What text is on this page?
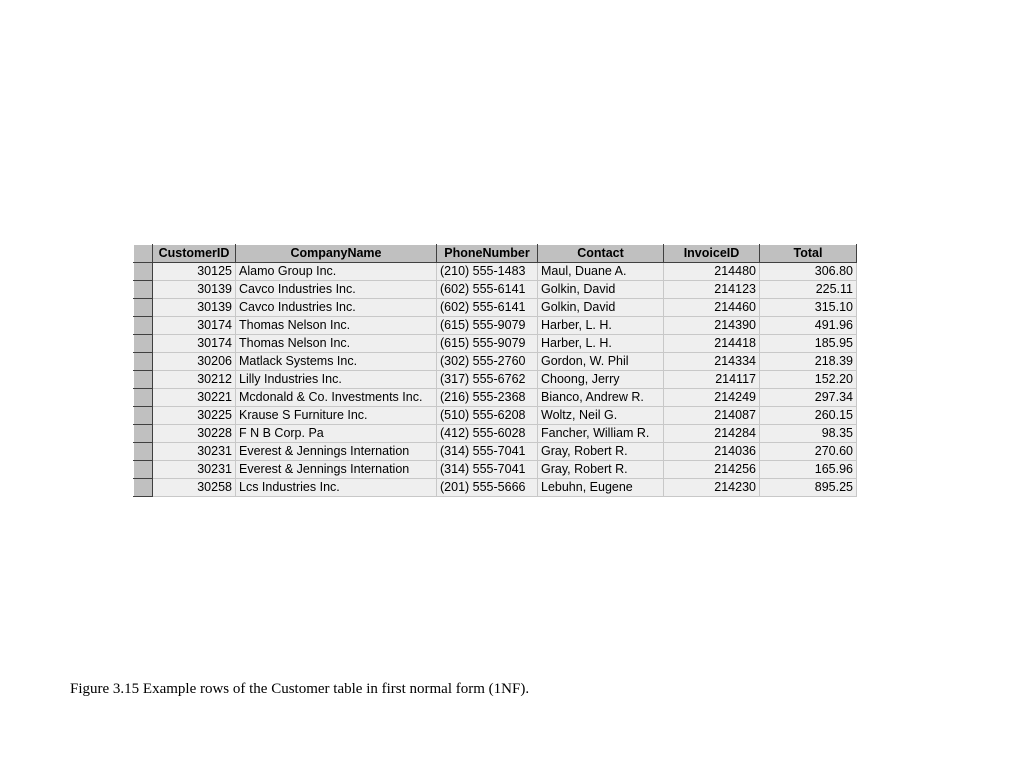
	CustomerID	CompanyName	PhoneNumber	Contact	InvoiceID	Total
	30125	Alamo Group Inc.	(210) 555-1483	Maul, Duane A.	214480	306.80
	30139	Cavco Industries Inc.	(602) 555-6141	Golkin, David	214123	225.11
	30139	Cavco Industries Inc.	(602) 555-6141	Golkin, David	214460	315.10
	30174	Thomas Nelson Inc.	(615) 555-9079	Harber, L. H.	214390	491.96
	30174	Thomas Nelson Inc.	(615) 555-9079	Harber, L. H.	214418	185.95
	30206	Matlack Systems Inc.	(302) 555-2760	Gordon, W. Phil	214334	218.39
	30212	Lilly Industries Inc.	(317) 555-6762	Choong, Jerry	214117	152.20
	30221	Mcdonald & Co. Investments Inc.	(216) 555-2368	Bianco, Andrew R.	214249	297.34
	30225	Krause S Furniture Inc.	(510) 555-6208	Woltz, Neil G.	214087	260.15
	30228	F N B Corp. Pa	(412) 555-6028	Fancher, William R.	214284	98.35
	30231	Everest & Jennings Internation	(314) 555-7041	Gray, Robert R.	214036	270.60
	30231	Everest & Jennings Internation	(314) 555-7041	Gray, Robert R.	214256	165.96
	30258	Lcs Industries Inc.	(201) 555-5666	Lebuhn, Eugene	214230	895.25
Figure 3.15 Example rows of the Customer table in first normal form (1NF).
